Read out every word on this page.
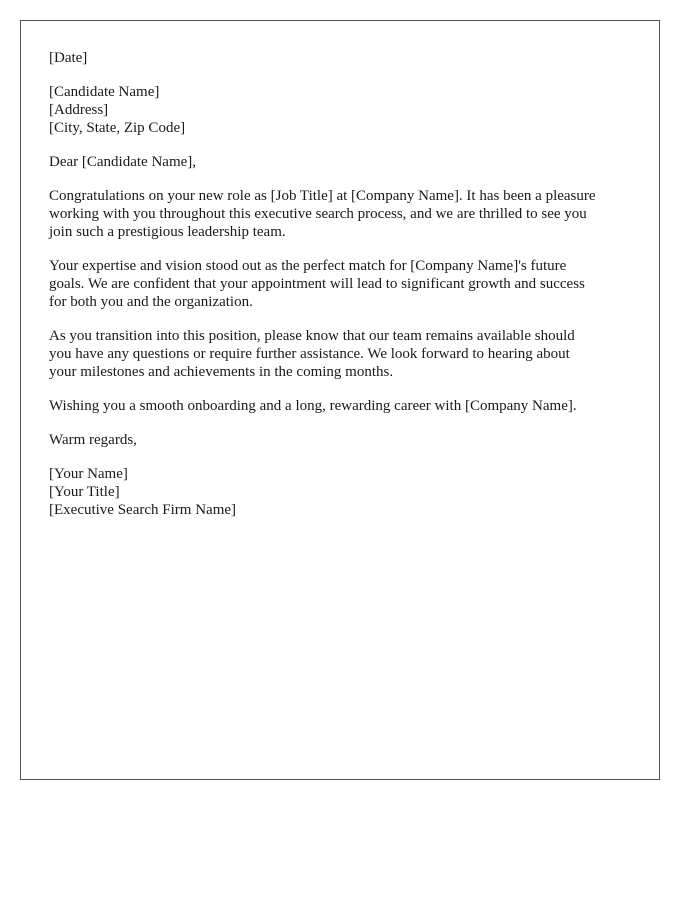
[Date]
[Candidate Name]
[Address]
[City, State, Zip Code]
Dear [Candidate Name],
Congratulations on your new role as [Job Title] at [Company Name]. It has been a pleasure
working with you throughout this executive search process, and we are thrilled to see you
join such a prestigious leadership team.
Your expertise and vision stood out as the perfect match for [Company Name]'s future
goals. We are confident that your appointment will lead to significant growth and success
for both you and the organization.
As you transition into this position, please know that our team remains available should
you have any questions or require further assistance. We look forward to hearing about
your milestones and achievements in the coming months.
Wishing you a smooth onboarding and a long, rewarding career with [Company Name].
Warm regards,
[Your Name]
[Your Title]
[Executive Search Firm Name]
